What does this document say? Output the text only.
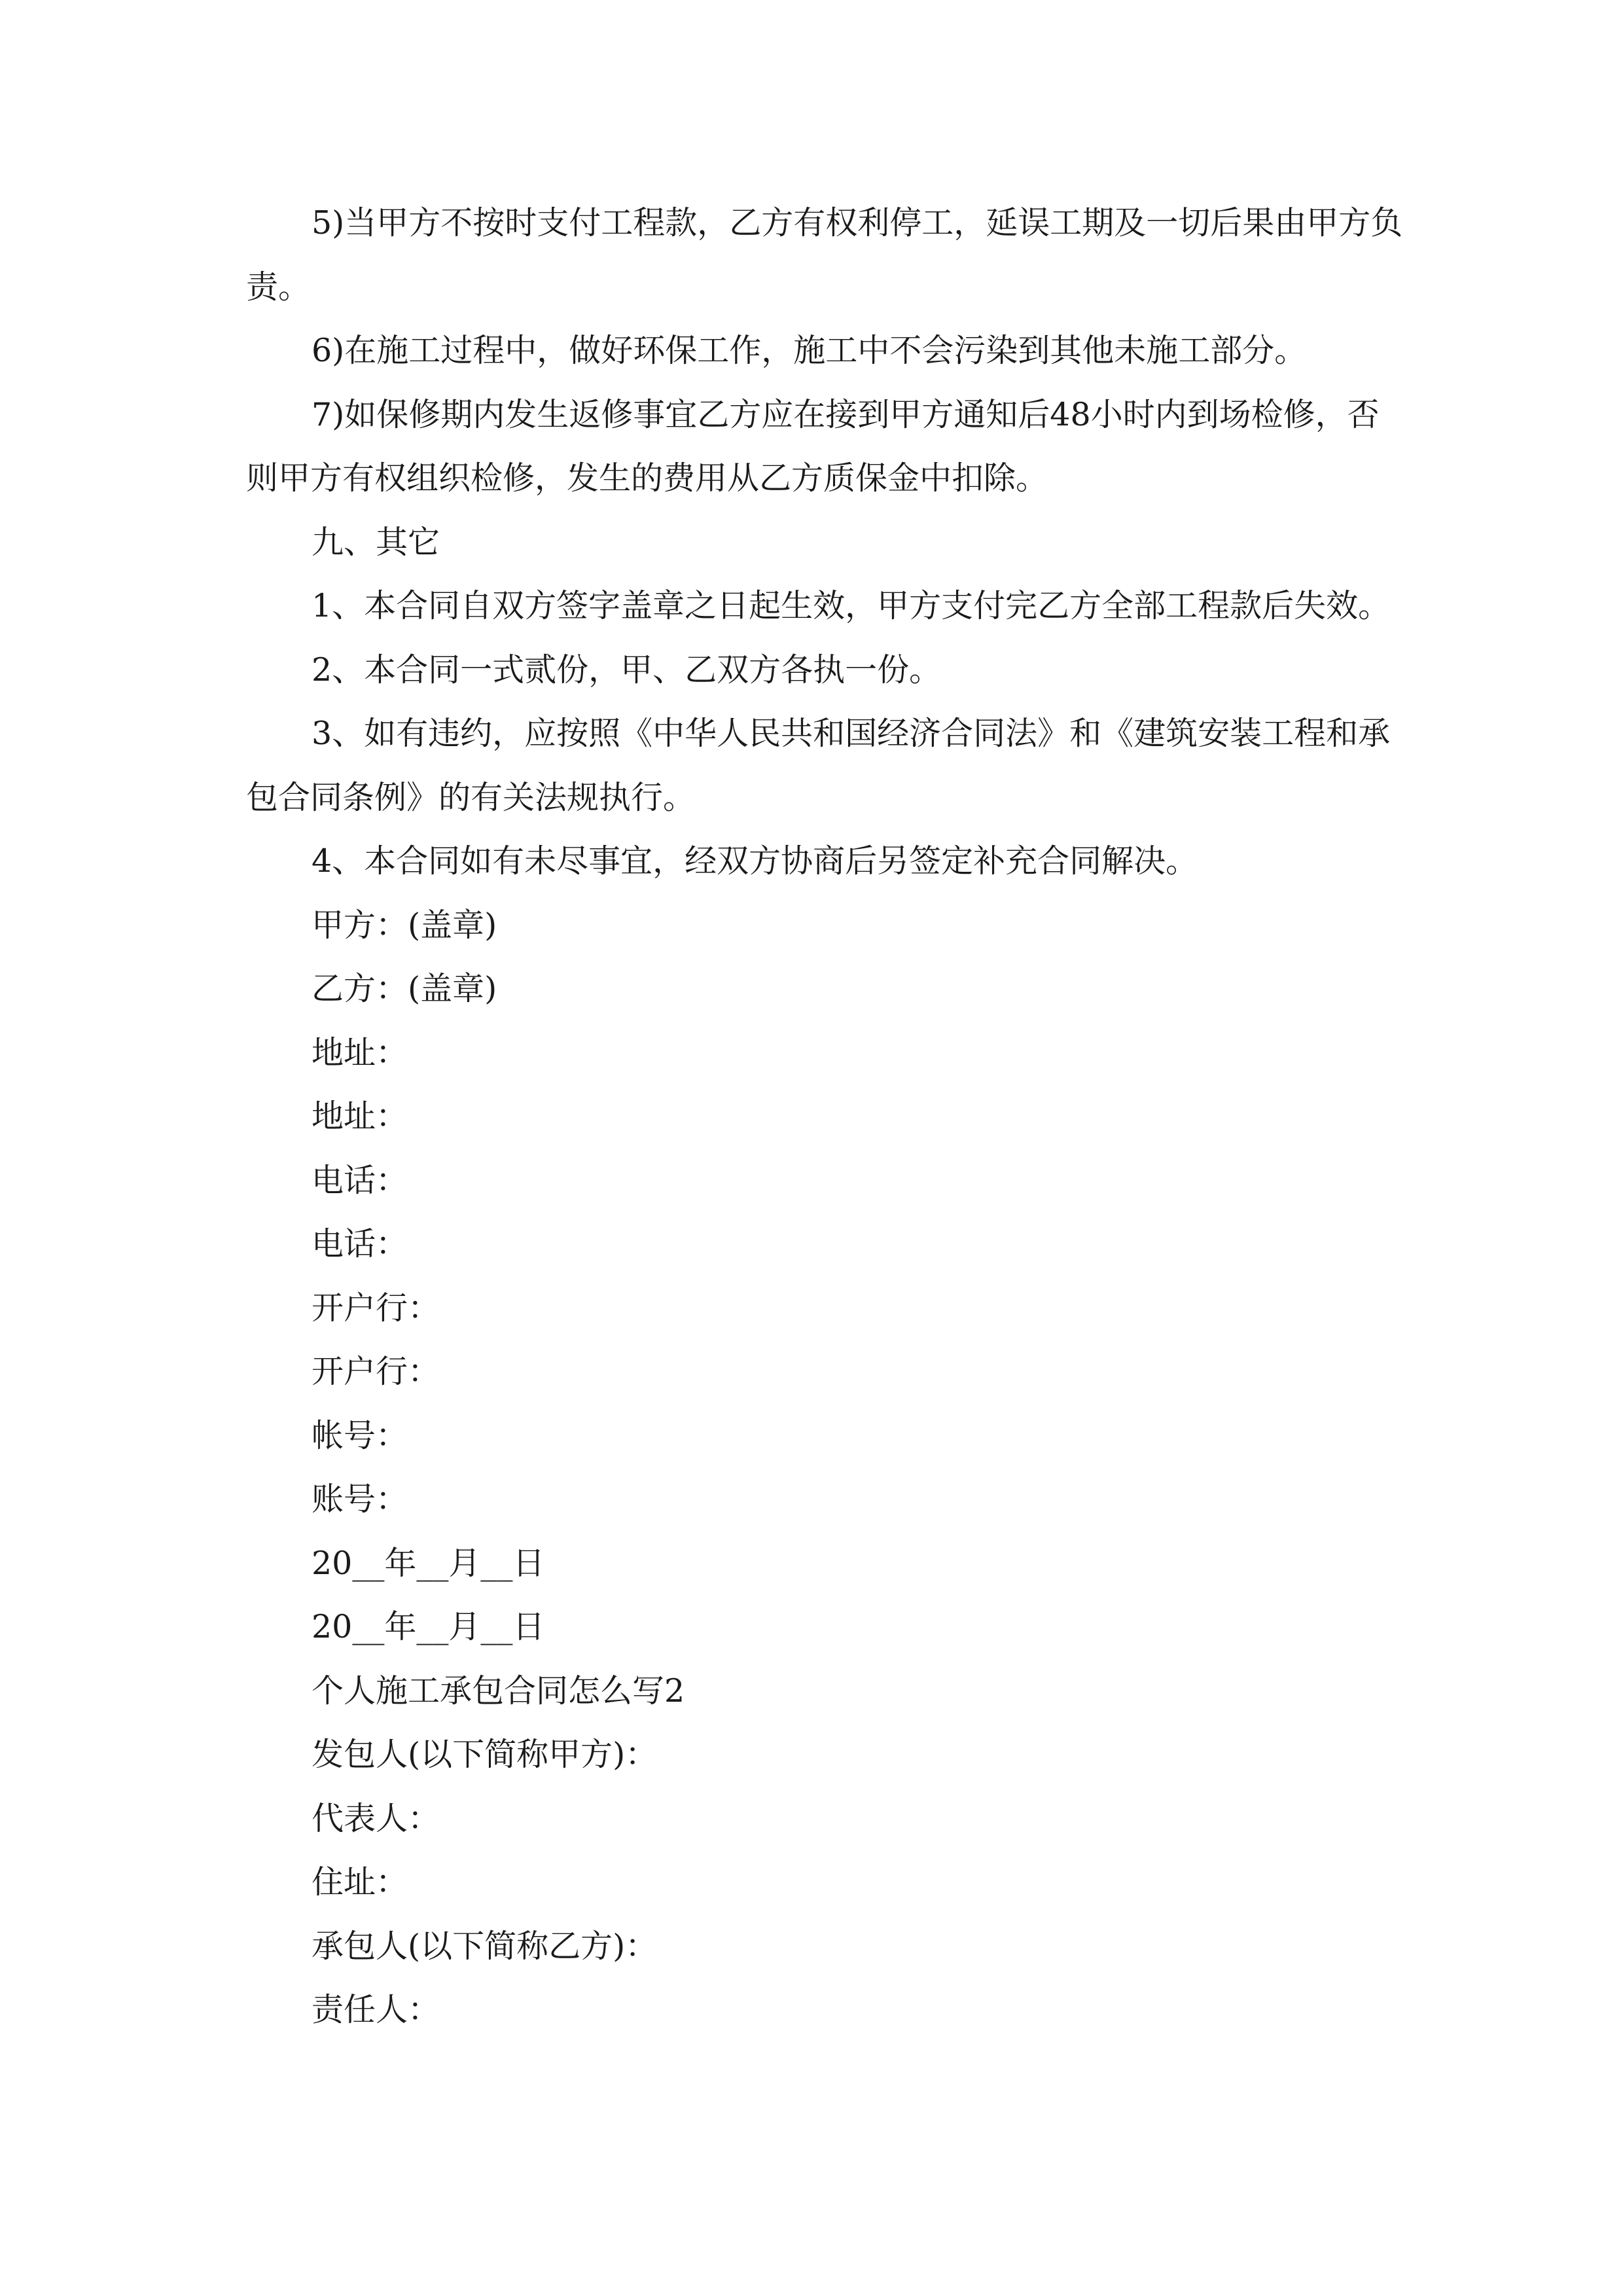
5)当甲方不按时支付工程款，乙方有权利停工，延误工期及一切后果由甲方负责。

6)在施工过程中，做好环保工作，施工中不会污染到其他未施工部分。

7)如保修期内发生返修事宜乙方应在接到甲方通知后48小时内到场检修，否则甲方有权组织检修，发生的费用从乙方质保金中扣除。

九、其它

1、本合同自双方签字盖章之日起生效，甲方支付完乙方全部工程款后失效。

2、本合同一式贰份，甲、乙双方各执一份。

3、如有违约，应按照《中华人民共和国经济合同法》和《建筑安装工程和承包合同条例》的有关法规执行。

4、本合同如有未尽事宜，经双方协商后另签定补充合同解决。

甲方：(盖章)

乙方：(盖章)

地址：

地址：

电话：

电话：

开户行：

开户行：

帐号：

账号：

20__年__月__日

20__年__月__日

个人施工承包合同怎么写2

发包人(以下简称甲方)：

代表人：

住址：

承包人(以下简称乙方)：

责任人：
